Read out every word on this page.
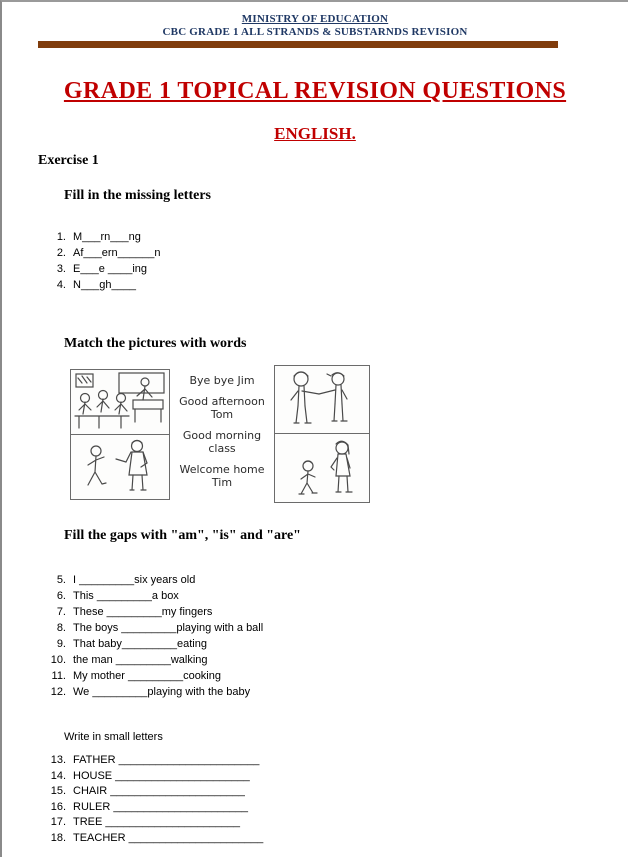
MINISTRY OF EDUCATION
CBC GRADE 1 ALL STRANDS & SUBSTARNDS REVISION
GRADE 1 TOPICAL REVISION QUESTIONS
ENGLISH.
Exercise 1
Fill in the missing letters
1. M___rn___ng
2. Af___ern______n
3. E___e ____ing
4. N___gh____
Match the pictures with words
Bye bye Jim
Good afternoon
Tom
Good morning
class
Welcome home
Tim
Fill the gaps with "am", "is" and "are"
5. I _________six years old
6. This _________a box
7. These _________my fingers
8. The boys _________playing with a ball
9. That baby_________eating
10. the man _________walking
11. My mother _________cooking
12. We _________playing with the baby
Write in small letters
13. FATHER _______________________
14. HOUSE ______________________
15. CHAIR ______________________
16. RULER ______________________
17. TREE ______________________
18. TEACHER ______________________
